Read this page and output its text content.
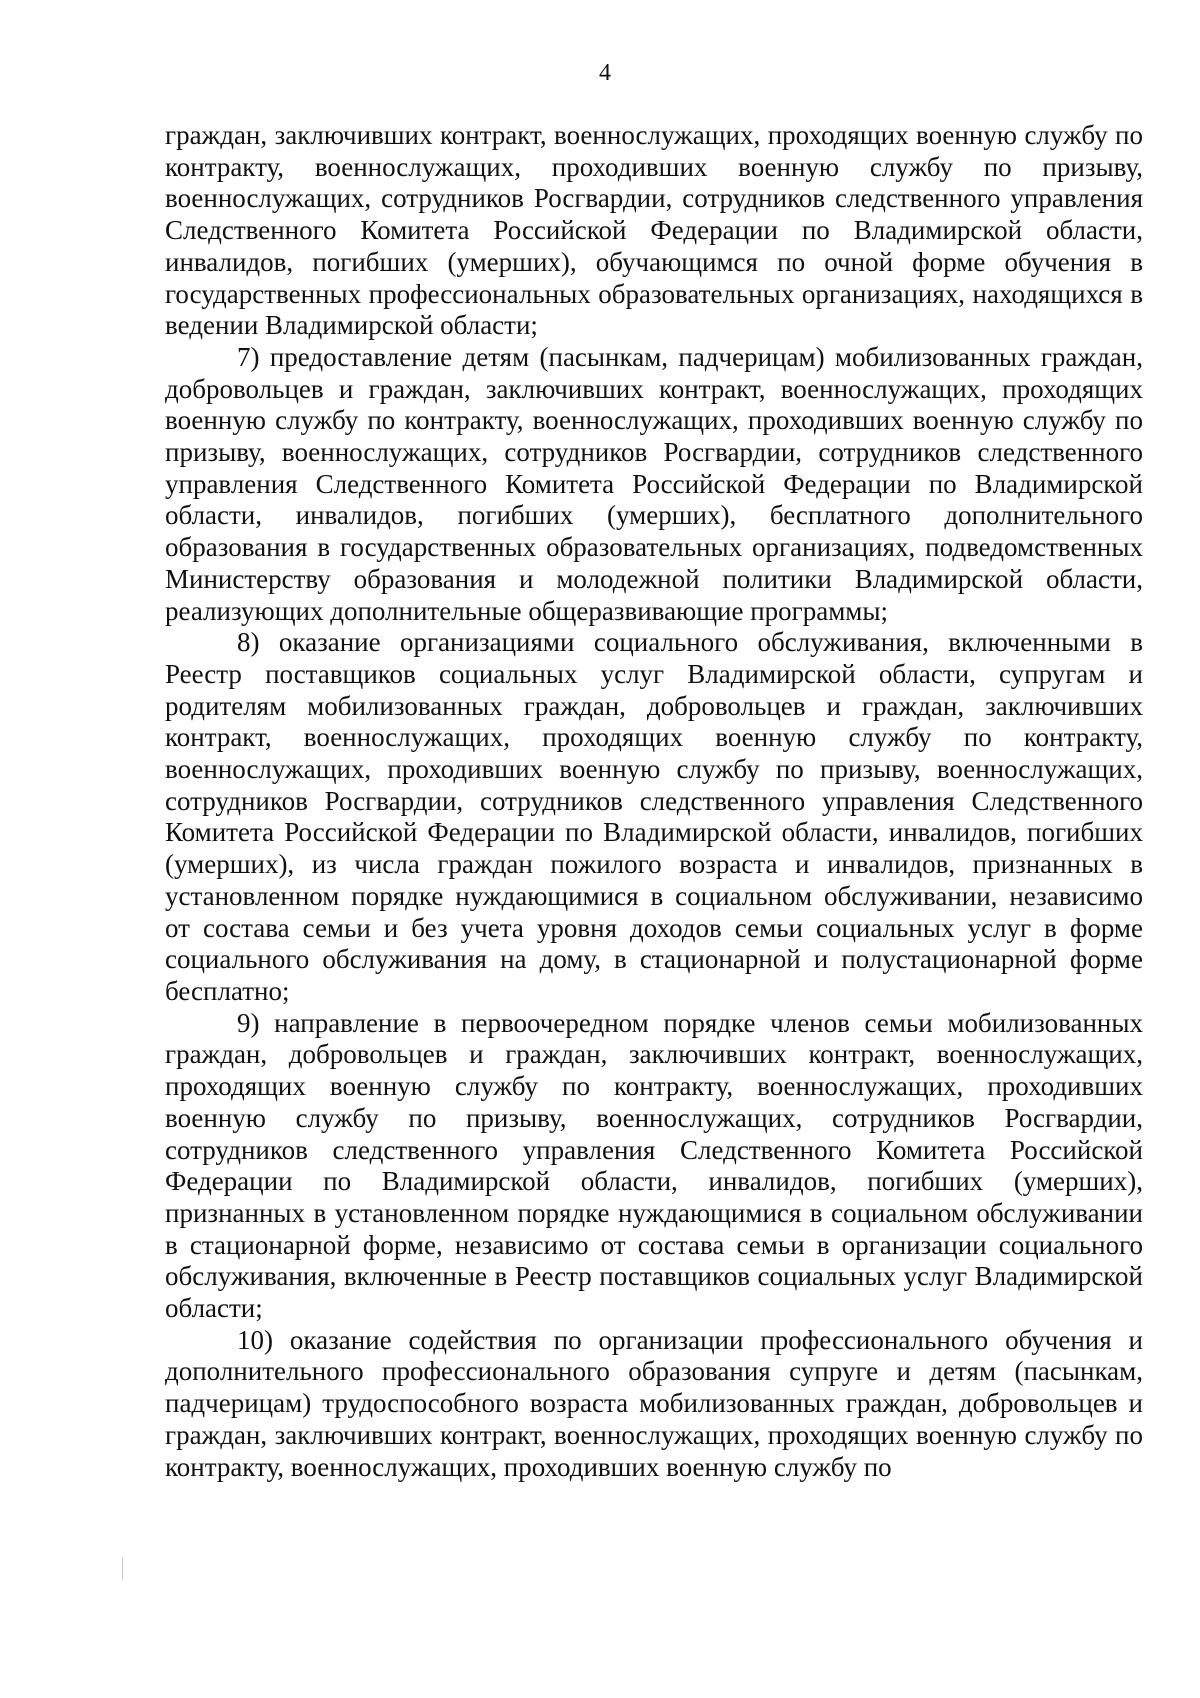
4

граждан, заключивших контракт, военнослужащих, проходящих военную службу по контракту, военнослужащих, проходивших военную службу по призыву, военнослужащих, сотрудников Росгвардии, сотрудников следственного управления Следственного Комитета Российской Федерации по Владимирской области, инвалидов, погибших (умерших), обучающимся по очной форме обучения в государственных профессиональных образовательных организациях, находящихся в ведении Владимирской области;

7) предоставление детям (пасынкам, падчерицам) мобилизованных граждан, добровольцев и граждан, заключивших контракт, военнослужащих, проходящих военную службу по контракту, военнослужащих, проходивших военную службу по призыву, военнослужащих, сотрудников Росгвардии, сотрудников следственного управления Следственного Комитета Российской Федерации по Владимирской области, инвалидов, погибших (умерших), бесплатного дополнительного образования в государственных образовательных организациях, подведомственных Министерству образования и молодежной политики Владимирской области, реализующих дополнительные общеразвивающие программы;

8) оказание организациями социального обслуживания, включенными в Реестр поставщиков социальных услуг Владимирской области, супругам и родителям мобилизованных граждан, добровольцев и граждан, заключивших контракт, военнослужащих, проходящих военную службу по контракту, военнослужащих, проходивших военную службу по призыву, военнослужащих, сотрудников Росгвардии, сотрудников следственного управления Следственного Комитета Российской Федерации по Владимирской области, инвалидов, погибших (умерших), из числа граждан пожилого возраста и инвалидов, признанных в установленном порядке нуждающимися в социальном обслуживании, независимо от состава семьи и без учета уровня доходов семьи социальных услуг в форме социального обслуживания на дому, в стационарной и полустационарной форме бесплатно;

9) направление в первоочередном порядке членов семьи мобилизованных граждан, добровольцев и граждан, заключивших контракт, военнослужащих, проходящих военную службу по контракту, военнослужащих, проходивших военную службу по призыву, военнослужащих, сотрудников Росгвардии, сотрудников следственного управления Следственного Комитета Российской Федерации по Владимирской области, инвалидов, погибших (умерших), признанных в установленном порядке нуждающимися в социальном обслуживании в стационарной форме, независимо от состава семьи в организации социального обслуживания, включенные в Реестр поставщиков социальных услуг Владимирской области;

10) оказание содействия по организации профессионального обучения и дополнительного профессионального образования супруге и детям (пасынкам, падчерицам) трудоспособного возраста мобилизованных граждан, добровольцев и граждан, заключивших контракт, военнослужащих, проходящих военную службу по контракту, военнослужащих, проходивших военную службу по
